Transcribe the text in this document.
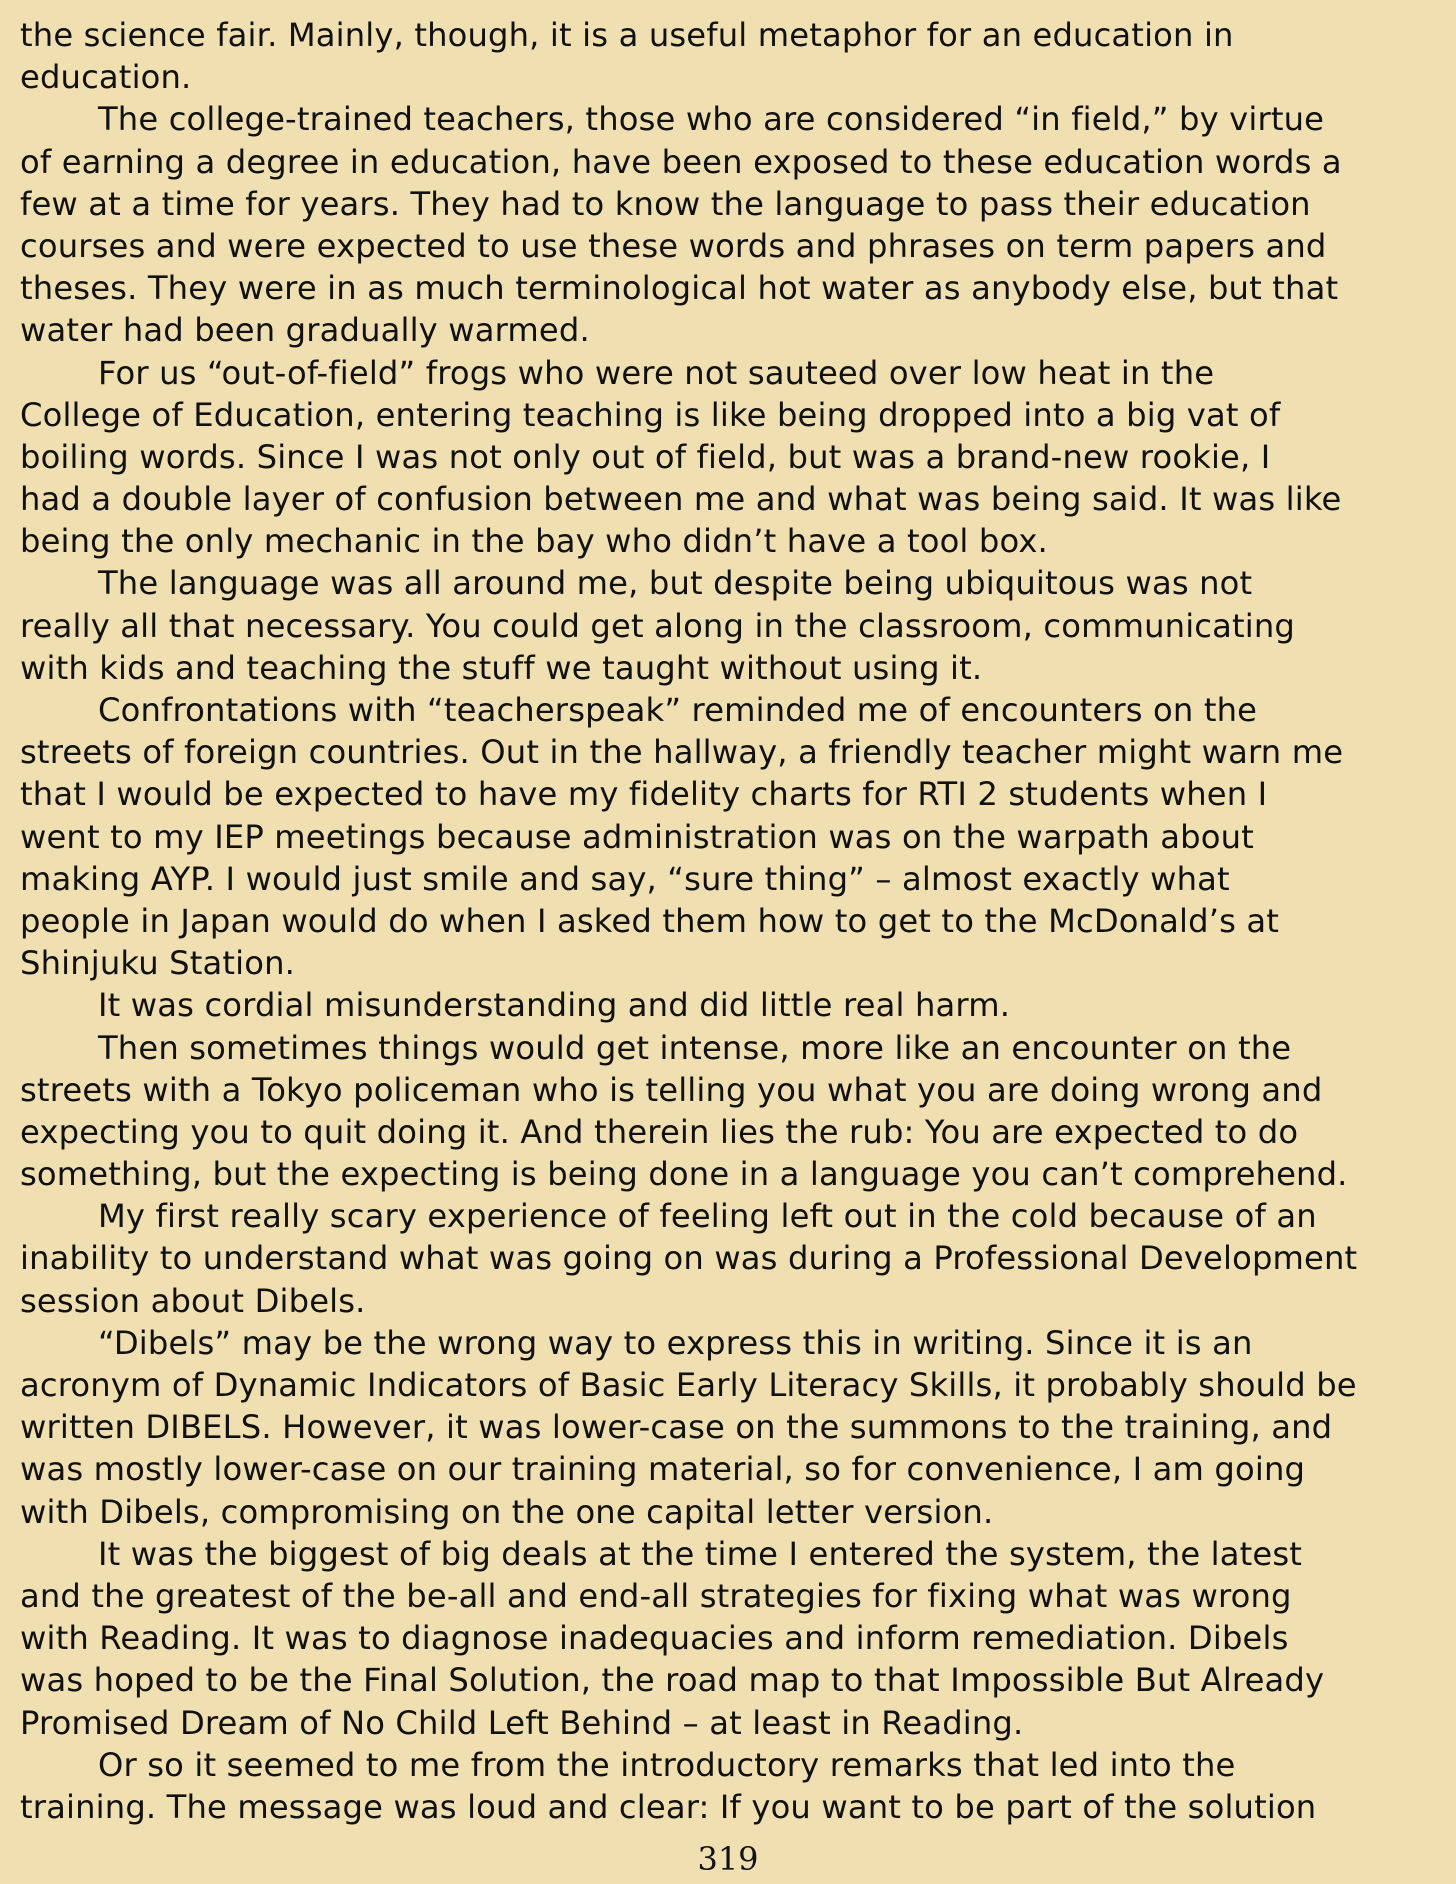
the science fair. Mainly, though, it is a useful metaphor for an education in
education.
The college-trained teachers, those who are considered “in field,” by virtue
of earning a degree in education, have been exposed to these education words a
few at a time for years. They had to know the language to pass their education
courses and were expected to use these words and phrases on term papers and
theses. They were in as much terminological hot water as anybody else, but that
water had been gradually warmed.
For us “out-of-field” frogs who were not sauteed over low heat in the
College of Education, entering teaching is like being dropped into a big vat of
boiling words. Since I was not only out of field, but was a brand-new rookie, I
had a double layer of confusion between me and what was being said. It was like
being the only mechanic in the bay who didn’t have a tool box.
The language was all around me, but despite being ubiquitous was not
really all that necessary. You could get along in the classroom, communicating
with kids and teaching the stuff we taught without using it.
Confrontations with “teacherspeak” reminded me of encounters on the
streets of foreign countries. Out in the hallway, a friendly teacher might warn me
that I would be expected to have my fidelity charts for RTI 2 students when I
went to my IEP meetings because administration was on the warpath about
making AYP. I would just smile and say, “sure thing” – almost exactly what
people in Japan would do when I asked them how to get to the McDonald’s at
Shinjuku Station.
It was cordial misunderstanding and did little real harm.
Then sometimes things would get intense, more like an encounter on the
streets with a Tokyo policeman who is telling you what you are doing wrong and
expecting you to quit doing it. And therein lies the rub: You are expected to do
something, but the expecting is being done in a language you can’t comprehend.
My first really scary experience of feeling left out in the cold because of an
inability to understand what was going on was during a Professional Development
session about Dibels.
“Dibels” may be the wrong way to express this in writing. Since it is an
acronym of Dynamic Indicators of Basic Early Literacy Skills, it probably should be
written DIBELS. However, it was lower-case on the summons to the training, and
was mostly lower-case on our training material, so for convenience, I am going
with Dibels, compromising on the one capital letter version.
It was the biggest of big deals at the time I entered the system, the latest
and the greatest of the be-all and end-all strategies for fixing what was wrong
with Reading. It was to diagnose inadequacies and inform remediation. Dibels
was hoped to be the Final Solution, the road map to that Impossible But Already
Promised Dream of No Child Left Behind – at least in Reading.
Or so it seemed to me from the introductory remarks that led into the
training. The message was loud and clear: If you want to be part of the solution
319
